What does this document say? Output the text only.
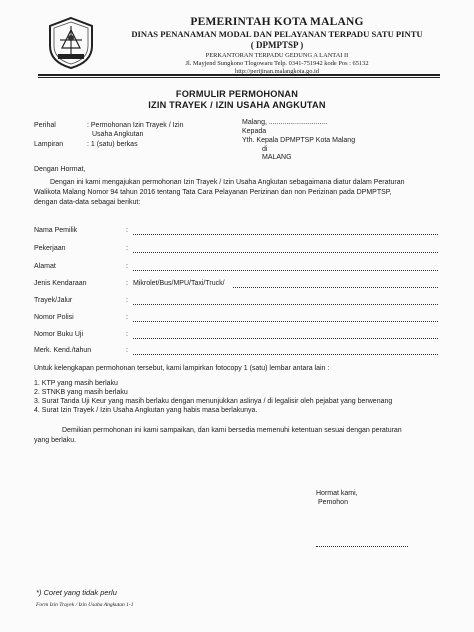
PEMERINTAH KOTA MALANG
DINAS PENANAMAN MODAL DAN PELAYANAN TERPADU SATU PINTU
( DPMPTSP )
PERKANTORAN TERPADU GEDUNG A LANTAI II
Jl. Mayjend Sungkono Tlogowaru Telp. 0341-751942 kode Pos : 65132
http://perijinan.malangkota.go.id
FORMULIR PERMOHONAN
IZIN TRAYEK / IZIN USAHA ANGKUTAN
Perihal	: Permohonan Izin Trayek / Izin
Usaha Angkutan
Lampiran	: 1 (satu) berkas
Malang, ..............................
Kepada
Yth. Kepala DPMPTSP Kota Malang
di
MALANG
Dengan Hormat,
Dengan ini kami mengajukan permohonan Izin Trayek / Izin Usaha Angkutan sebagaimana diatur dalam Peraturan
Walikota Malang Nomor 94 tahun 2016 tentang Tata Cara Pelayanan Perizinan dan non Perizinan pada DPMPTSP,
dengan data-data sebagai berikut:
Nama Pemilik	:
Pekerjaan	:
Alamat	:
Jenis Kendaraan	: Mikrolet/Bus/MPU/Taxi/Truck/
Trayek/Jalur	:
Nomor Polisi	:
Nomor Buku Uji	:
Merk. Kend./tahun	:
Untuk kelengkapan permohonan tersebut, kami lampirkan fotocopy 1 (satu) lembar antara lain :
1. KTP yang masih berlaku
2. STNKB yang masih berlaku
3. Surat Tanda Uji Keur yang masih berlaku dengan menunjukkan aslinya / di legalisir oleh pejabat yang berwenang
4. Surat Izin Trayek / Izin Usaha Angkutan yang habis masa berlakunya.
Demikian permohonan ini kami sampaikan, dan kami bersedia memenuhi ketentuan sesuai dengan peraturan
yang berlaku.
Hormat kami,
Pemohon
*) Coret yang tidak perlu
Form Izin Trayek / Izin Usaha Angkutan 1-1
